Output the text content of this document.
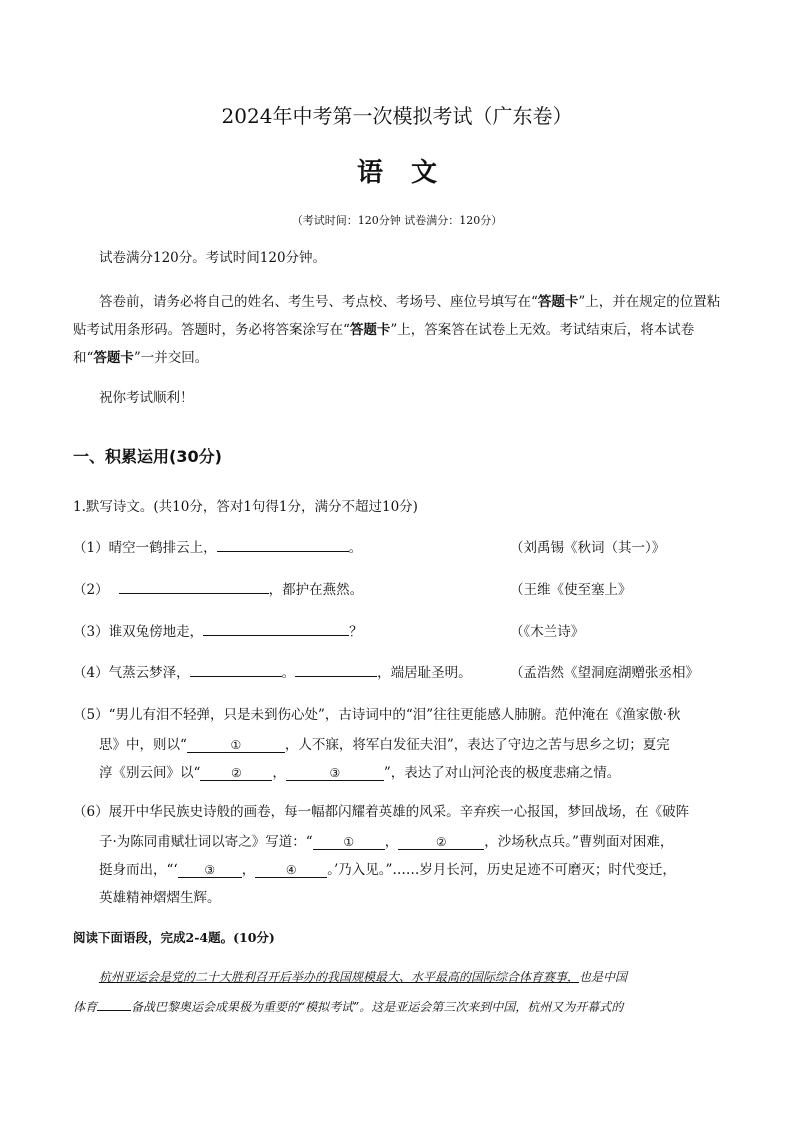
2024年中考第一次模拟考试（广东卷）
语文
（考试时间：120分钟 试卷满分：120分）
试卷满分120分。考试时间120分钟。
答卷前，请务必将自己的姓名、考生号、考点校、考场号、座位号填写在“答题卡”上，并在规定的位置粘贴考试用条形码。答题时，务必将答案涂写在“答题卡”上，答案答在试卷上无效。考试结束后，将本试卷和“答题卡”一并交回。
祝你考试顺利！
一、积累运用(30分)
1.默写诗文。(共10分，答对1句得1分，满分不超过10分)
（1）晴空一鹤排云上，	。	（刘禹锡《秋词（其一）》
（2）	，都护在燕然。	（王维《使至塞上》
（3）谁双兔傍地走，	？	（《木兰诗》
（4）气蒸云梦泽，	。	，端居耻圣明。	（孟浩然《望洞庭湖赠张丞相》
（5）“男儿有泪不轻弹，只是未到伤心处”，古诗词中的“泪”往往更能感人肺腑。范仲淹在《渔家傲·秋
思》中，则以“	①	，人不寐，将军白发征夫泪”，表达了守边之苦与思乡之切；夏完
淳《别云间》以“	② ，	③	”，表达了对山河沦丧的极度悲痛之情。
（6）展开中华民族史诗般的画卷，每一幅都闪耀着英雄的风采。辛弃疾一心报国，梦回战场，在《破阵
子·为陈同甫赋壮词以寄之》写道：“	① ，	②	，沙场秋点兵。”曹刿面对困难，
挺身而出，“‘ ③ ，	④ 。’乃入见。”……岁月长河，历史足迹不可磨灭；时代变迁，
英雄精神熠熠生辉。
阅读下面语段，完成2-4题。(10分)
杭州亚运会是党的二十大胜利召开后举办的我国规模最大、水平最高的国际综合体育赛事，也是中国
体育	备战巴黎奥运会成果极为重要的“模拟考试”。这是亚运会第三次来到中国，杭州又为开幕式的
